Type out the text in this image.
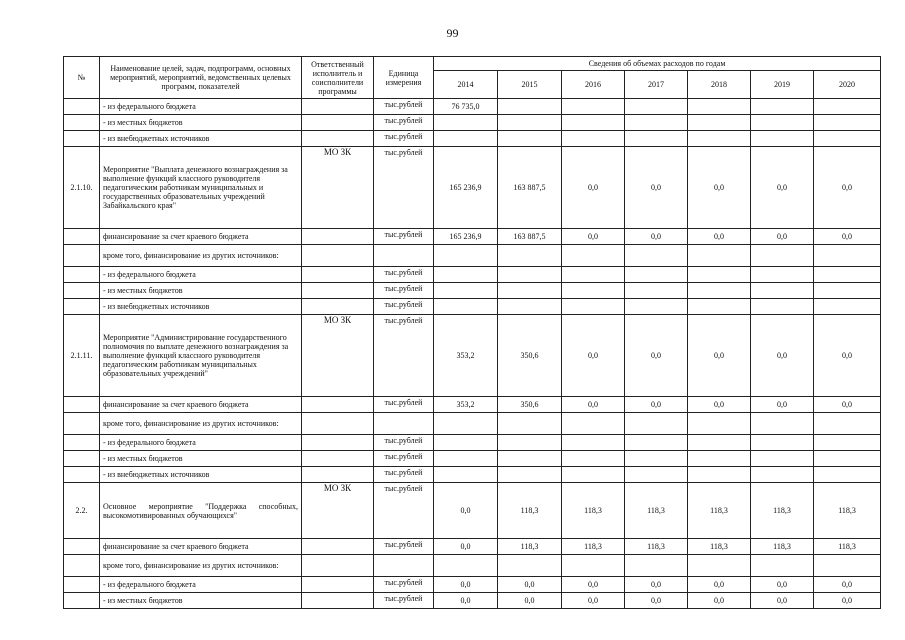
99
№	Наименование целей, задач, подпрограмм, основных мероприятий, мероприятий, ведомственных целевых программ, показателей	Ответственный исполнитель и соисполнители программы	Единица измерения	Сведения об объемах расходов по годам						
				2014	2015	2016	2017	2018	2019	2020
	- из федерального бюджета		тыс.рублей	76 735,0						
	- из местных бюджетов		тыс.рублей							
	- из внебюджетных источников		тыс.рублей							
2.1.10.	Мероприятие "Выплата денежного вознаграждения за выполнение функций классного руководителя педагогическим работникам муниципальных и государственных образовательных учреждений Забайкальского края"	МО ЗК	тыс.рублей	165 236,9	163 887,5	0,0	0,0	0,0	0,0	0,0
	финансирование за счет краевого бюджета		тыс.рублей	165 236,9	163 887,5	0,0	0,0	0,0	0,0	0,0
	кроме того, финансирование из других источников:									
	- из федерального бюджета		тыс.рублей							
	- из местных бюджетов		тыс.рублей							
	- из внебюджетных источников		тыс.рублей							
2.1.11.	Мероприятие "Администрирование государственного полномочия по выплате денежного вознаграждения за выполнение функций классного руководителя педагогическим работникам муниципальных образовательных учреждений"	МО ЗК	тыс.рублей	353,2	350,6	0,0	0,0	0,0	0,0	0,0
	финансирование за счет краевого бюджета		тыс.рублей	353,2	350,6	0,0	0,0	0,0	0,0	0,0
	кроме того, финансирование из других источников:									
	- из федерального бюджета		тыс.рублей							
	- из местных бюджетов		тыс.рублей							
	- из внебюджетных источников		тыс.рублей							
2.2.	Основное мероприятие "Поддержка способных, высокомотивированных обучающихся"	МО ЗК	тыс.рублей	0,0	118,3	118,3	118,3	118,3	118,3	118,3
	финансирование за счет краевого бюджета		тыс.рублей	0,0	118,3	118,3	118,3	118,3	118,3	118,3
	кроме того, финансирование из других источников:									
	- из федерального бюджета		тыс.рублей	0,0	0,0	0,0	0,0	0,0	0,0	0,0
	- из местных бюджетов		тыс.рублей	0,0	0,0	0,0	0,0	0,0	0,0	0,0
